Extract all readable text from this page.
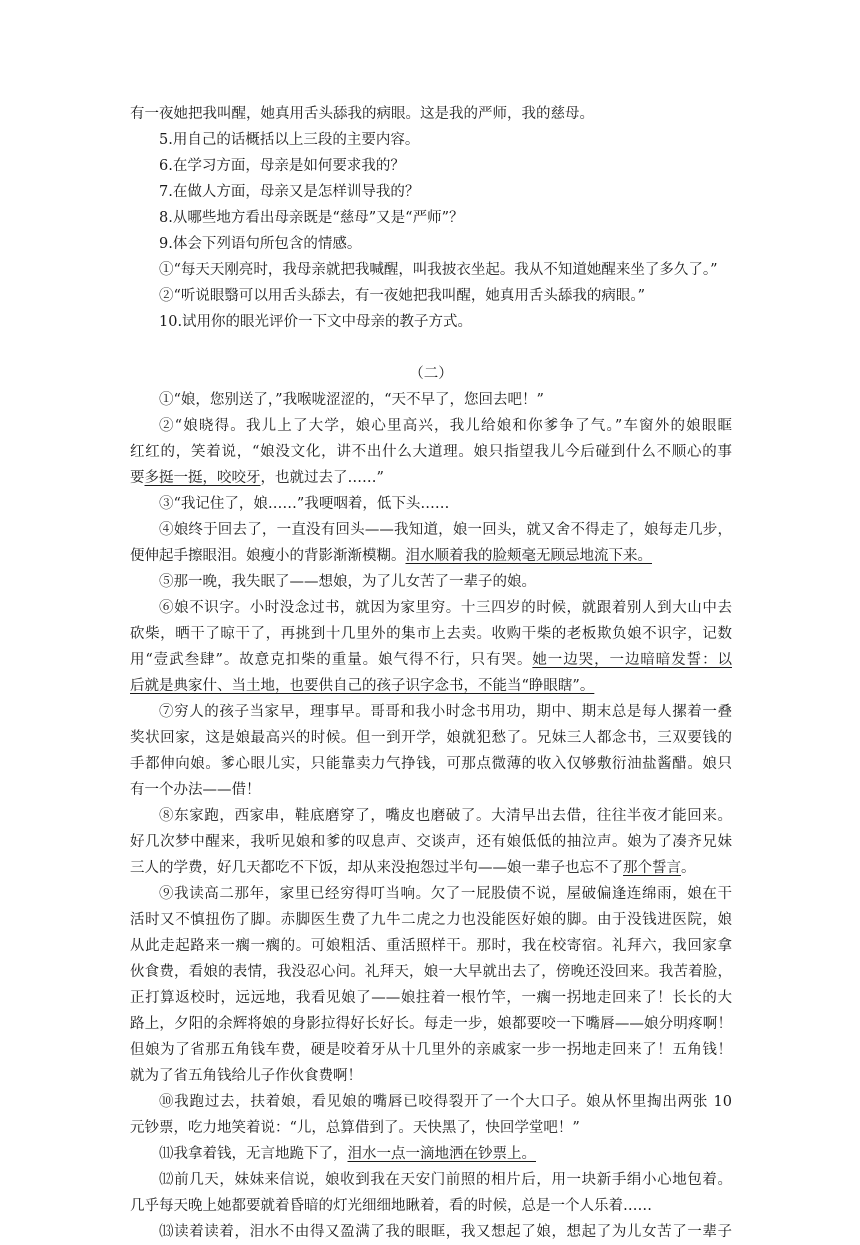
有一夜她把我叫醒，她真用舌头舔我的病眼。这是我的严师，我的慈母。
5.用自己的话概括以上三段的主要内容。
6.在学习方面，母亲是如何要求我的？
7.在做人方面，母亲又是怎样训导我的？
8.从哪些地方看出母亲既是“慈母”又是“严师”？
9.体会下列语句所包含的情感。
①“每天天刚亮时，我母亲就把我喊醒，叫我披衣坐起。我从不知道她醒来坐了多久了。”
②“听说眼翳可以用舌头舔去，有一夜她把我叫醒，她真用舌头舔我的病眼。”
10.试用你的眼光评价一下文中母亲的教子方式。
（二）
①“娘，您别送了，”我喉咙涩涩的，“天不早了，您回去吧！”
②“娘晓得。我儿上了大学，娘心里高兴，我儿给娘和你爹争了气。”车窗外的娘眼眶
红红的，笑着说，“娘没文化，讲不出什么大道理。娘只指望我儿今后碰到什么不顺心的事
要多挺一挺，咬咬牙，也就过去了……”
③“我记住了，娘……”我哽咽着，低下头……
④娘终于回去了，一直没有回头——我知道，娘一回头，就又舍不得走了，娘每走几步，
便伸起手擦眼泪。娘瘦小的背影渐渐模糊。泪水顺着我的脸颊毫无顾忌地流下来。
⑤那一晚，我失眠了——想娘，为了儿女苦了一辈子的娘。
⑥娘不识字。小时没念过书，就因为家里穷。十三四岁的时候，就跟着别人到大山中去
砍柴，晒干了晾干了，再挑到十几里外的集市上去卖。收购干柴的老板欺负娘不识字，记数
用“壹武叁肆”。故意克扣柴的重量。娘气得不行，只有哭。她一边哭，一边暗暗发誓：以
后就是典家什、当土地，也要供自己的孩子识字念书，不能当“睁眼瞎”。
⑦穷人的孩子当家早，理事早。哥哥和我小时念书用功，期中、期末总是每人摞着一叠
奖状回家，这是娘最高兴的时候。但一到开学，娘就犯愁了。兄妹三人都念书，三双要钱的
手都伸向娘。爹心眼儿实，只能靠卖力气挣钱，可那点微薄的收入仅够敷衍油盐酱醋。娘只
有一个办法——借！
⑧东家跑，西家串，鞋底磨穿了，嘴皮也磨破了。大清早出去借，往往半夜才能回来。
好几次梦中醒来，我听见娘和爹的叹息声、交谈声，还有娘低低的抽泣声。娘为了凑齐兄妹
三人的学费，好几天都吃不下饭，却从来没抱怨过半句——娘一辈子也忘不了那个誓言。
⑨我读高二那年，家里已经穷得叮当响。欠了一屁股债不说，屋破偏逢连绵雨，娘在干
活时又不慎扭伤了脚。赤脚医生费了九牛二虎之力也没能医好娘的脚。由于没钱进医院，娘
从此走起路来一瘸一瘸的。可娘粗活、重活照样干。那时，我在校寄宿。礼拜六，我回家拿
伙食费，看娘的表情，我没忍心问。礼拜天，娘一大早就出去了，傍晚还没回来。我苦着脸，
正打算返校时，远远地，我看见娘了——娘拄着一根竹竿，一瘸一拐地走回来了！长长的大
路上，夕阳的余辉将娘的身影拉得好长好长。每走一步，娘都要咬一下嘴唇——娘分明疼啊！
但娘为了省那五角钱车费，硬是咬着牙从十几里外的亲戚家一步一拐地走回来了！五角钱！
就为了省五角钱给儿子作伙食费啊！
⑩我跑过去，扶着娘，看见娘的嘴唇已咬得裂开了一个大口子。娘从怀里掏出两张 10
元钞票，吃力地笑着说：“儿，总算借到了。天快黑了，快回学堂吧！”
⑾我拿着钱，无言地跪下了，泪水一点一滴地洒在钞票上。
⑿前几天，妹妹来信说，娘收到我在天安门前照的相片后，用一块新手绢小心地包着。
几乎每天晚上她都要就着昏暗的灯光细细地瞅着，看的时候，总是一个人乐着……
⒀读着读着，泪水不由得又盈满了我的眼眶，我又想起了娘，想起了为儿女苦了一辈子
